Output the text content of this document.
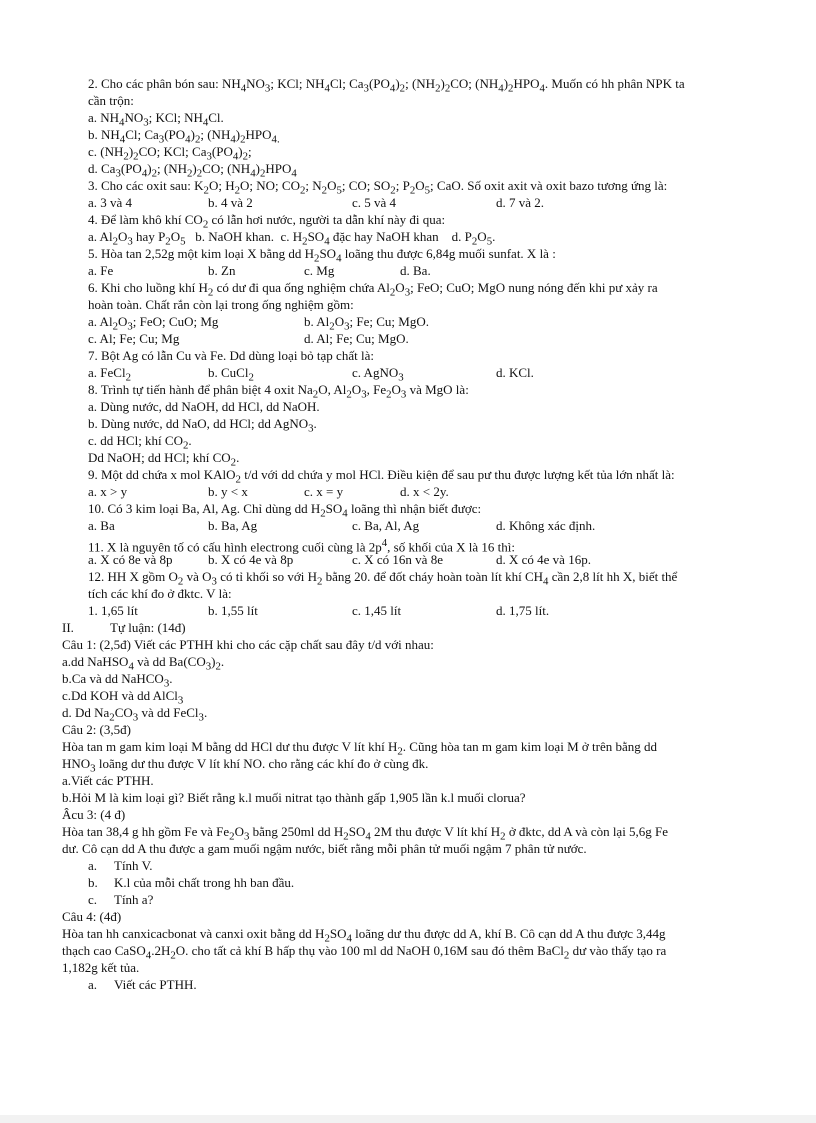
2. Cho các phân bón sau: $NH_4NO_3$; KCl; $NH_4Cl$; $Ca_3(PO_4)_2$; $(NH_2)_2CO$; $(NH_4)_2HPO_4$. Muốn có hh phân NPK ta
cần trộn:
a. $NH_4NO_3$; KCl; $NH_4Cl$.
b. $NH_4Cl$; $Ca_3(PO_4)_2$; $(NH_4)_2HPO_{4.}$
c. $(NH_2)_2CO$; KCl; $Ca_3(PO_4)_2$;
d. $Ca_3(PO_4)_2$; $(NH_2)_2CO$; $(NH_4)_2HPO_4$
3. Cho các oxit sau: $K_2O$; $H_2O$; NO; $CO_2$; $N_2O_5$; CO; $SO_2$; $P_2O_5$; CaO. Số oxit axit và oxit bazo tương ứng là:
a. 3 và 4	b. 4 và 2	c. 5 và 4	d. 7 và 2.
4. Để làm khô khí $CO_2$ có lẫn hơi nước, người ta dẫn khí này đi qua:
a. $Al_2O_3$ hay $P_2O_5$   b. NaOH khan.  c. $H_2SO_4$ đặc hay NaOH khan    d. $P_2O_5$.
5. Hòa tan 2,52g một kim loại X bằng dd $H_2SO_4$ loãng thu được 6,84g muối sunfat. X là :
a. Fe	b. Zn	c. Mg	d. Ba.
6. Khi cho luồng khí $H_2$ có dư đi qua ống nghiệm chứa $Al_2O_3$; FeO; CuO; MgO nung nóng đến khi pư xảy ra
hoàn toàn. Chất rắn còn lại trong ống nghiệm gồm:
a. $Al_2O_3$; FeO; CuO; Mg	b. $Al_2O_3$; Fe; Cu; MgO.
c. Al; Fe; Cu; Mg	d. Al; Fe; Cu; MgO.
7. Bột Ag có lẫn Cu và Fe. Dd dùng loại bỏ tạp chất là:
a. FeCl$_2$	b. CuCl$_2$	c. AgNO$_3$	d. KCl.
8. Trình tự tiến hành để phân biệt 4 oxit $Na_2O$, $Al_2O_3$, $Fe_2O_3$ và MgO là:
a. Dùng nước, dd NaOH, dd HCl, dd NaOH.
b. Dùng nước, dd NaO, dd HCl; dd AgNO$_3$.
c. dd HCl; khí $CO_2$.
Dd NaOH; dd HCl; khí $CO_2$.
9. Một dd chứa x mol KAlO$_2$ t/d với dd chứa y mol HCl. Điều kiện để sau pư thu được lượng kết tủa lớn nhất là:
a. x > y	b. y < x	c. x = y	d. x < 2y.
10. Có 3 kim loại Ba, Al, Ag. Chỉ dùng dd $H_2SO_4$ loãng thì nhận biết được:
a. Ba	b. Ba, Ag	c. Ba, Al, Ag	d. Không xác định.
11. X là nguyên tố có cấu hình electrong cuối cùng là $2p^4$, số khối của X là 16 thì:
a. X có 8e và 8p	b. X có 4e và 8p	c. X có 16n và 8e	d. X có 4e và 16p.
12. HH X gồm $O_2$ và $O_3$ có tỉ khối so với $H_2$ bằng 20. để đốt cháy hoàn toàn lít khí $CH_4$ cần 2,8 lít hh X, biết thể
tích các khí đo ở đktc. V là:
1. 1,65 lít	b. 1,55 lít	c. 1,45 lít	d. 1,75 lít.
II.	Tự luận: (14đ)
Câu 1: (2,5đ) Viết các PTHH khi cho các cặp chất sau đây t/d với nhau:
a.dd NaHSO$_4$ và dd $Ba(CO_3)_2$.
b.Ca và dd NaHCO$_3$.
c.Dd KOH và dd AlCl$_3$
d. Dd $Na_2CO_3$ và dd FeCl$_3$.
Câu 2: (3,5đ)
Hòa tan m gam kim loại M bằng dd HCl dư thu được V lít khí $H_2$. Cũng hòa tan m gam kim loại M ở trên bằng dd
$HNO_3$ loãng dư thu được V lít khí NO. cho rằng các khí đo ở cùng đk.
a.Viết các PTHH.
b.Hỏi M là kim loại gì? Biết rằng k.l muối nitrat tạo thành gấp 1,905 lần k.l muối clorua?
Âcu 3: (4 đ)
Hòa tan 38,4 g hh gồm Fe và $Fe_2O_3$ bằng 250ml dd $H_2SO_4$ 2M thu được V lít khí $H_2$ ở đktc, dd A và còn lại 5,6g Fe
dư. Cô cạn dd A thu được a gam muối ngậm nước, biết rằng mỗi phân tử muối ngậm 7 phân tử nước.
a. Tính V.
b. K.l của mỗi chất trong hh ban đầu.
c. Tính a?
Câu 4: (4đ)
Hòa tan hh canxicacbonat và canxi oxit bằng dd $H_2SO_4$ loãng dư thu được dd A, khí B. Cô cạn dd A thu được 3,44g
thạch cao $CaSO_4.2H_2O$. cho tất cả khí B hấp thụ vào 100 ml dd NaOH 0,16M sau đó thêm BaCl$_2$ dư vào thấy tạo ra
1,182g kết tủa.
a. Viết các PTHH.
